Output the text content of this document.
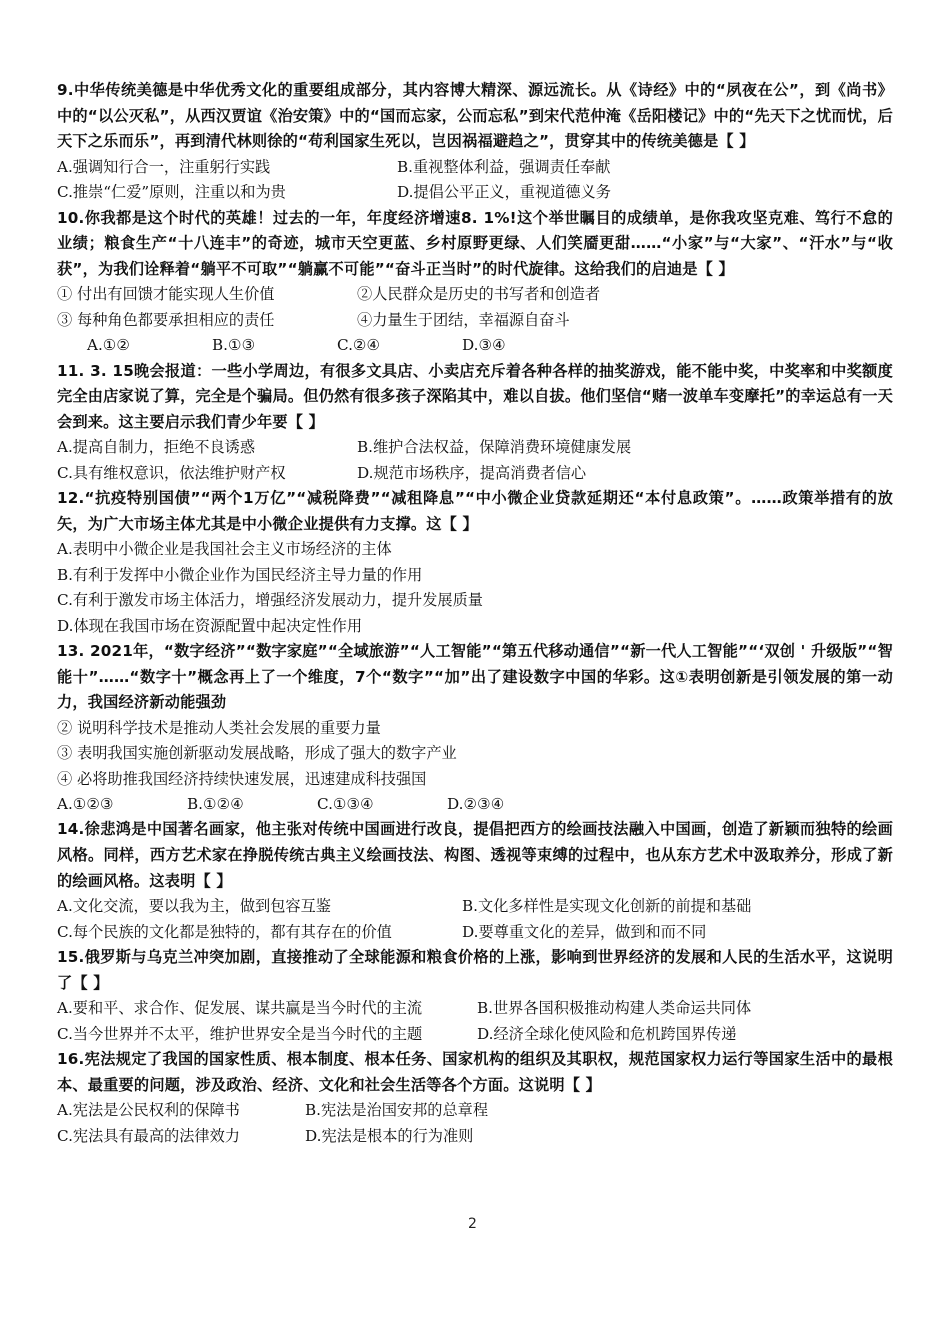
9.中华传统美德是中华优秀文化的重要组成部分，其内容博大精深、源远流长。从《诗经》中的“夙夜在公”，到《尚书》中的“以公灭私”，从西汉贾谊《治安策》中的“国而忘家，公而忘私”到宋代范仲淹《岳阳楼记》中的“先天下之忧而忧，后天下之乐而乐”，再到清代林则徐的“苟利国家生死以，岂因祸福避趋之”，贯穿其中的传统美德是【 】

A.强调知行合一，注重躬行实践	B.重视整体利益，强调责任奉献
C.推崇“仁爱”原则，注重以和为贵	D.提倡公平正义，重视道德义务

10.你我都是这个时代的英雄！过去的一年，年度经济增速8. 1%!这个举世瞩目的成绩单，是你我攻坚克难、笃行不怠的业绩；粮食生产“十八连丰”的奇迹，城市天空更蓝、乡村原野更绿、人们笑靥更甜……“小家”与“大家”、“汗水”与“收获”，为我们诠释着“躺平不可取”“躺赢不可能”“奋斗正当时”的时代旋律。这给我们的启迪是【 】

① 付出有回馈才能实现人生价值	②人民群众是历史的书写者和创造者
③ 每种角色都要承担相应的责任	④力量生于团结，幸福源自奋斗
A.①②	B.①③	C.②④	D.③④

11. 3. 15晚会报道：一些小学周边，有很多文具店、小卖店充斥着各种各样的抽奖游戏，能不能中奖，中奖率和中奖额度完全由店家说了算，完全是个骗局。但仍然有很多孩子深陷其中，难以自拔。他们坚信“赌一波单车变摩托”的幸运总有一天会到来。这主要启示我们青少年要【 】

A.提高自制力，拒绝不良诱惑	B.维护合法权益，保障消费环境健康发展
C.具有维权意识，依法维护财产权	D.规范市场秩序，提高消费者信心

12.“抗疫特别国债”“两个1万亿”“减税降费”“减租降息”“中小微企业贷款延期还“本付息政策”。……政策举措有的放矢，为广大市场主体尤其是中小微企业提供有力支撑。这【 】

A.表明中小微企业是我国社会主义市场经济的主体

B.有利于发挥中小微企业作为国民经济主导力量的作用

C.有利于激发市场主体活力，增强经济发展动力，提升发展质量

D.体现在我国市场在资源配置中起决定性作用

13. 2021年，“数字经济”“数字家庭”“全域旅游”“人工智能”“第五代移动通信”“新一代人工智能”“‘双创 ' 升级版”“智能十”……“数字十”概念再上了一个维度，7个“数字”“加”出了建设数字中国的华彩。这①表明创新是引领发展的第一动力，我国经济新动能强劲

② 说明科学技术是推动人类社会发展的重要力量

③ 表明我国实施创新驱动发展战略，形成了强大的数字产业

④ 必将助推我国经济持续快速发展，迅速建成科技强国

A.①②③	B.①②④	C.①③④	D.②③④

14.徐悲鸿是中国著名画家，他主张对传统中国画进行改良，提倡把西方的绘画技法融入中国画，创造了新颖而独特的绘画风格。同样，西方艺术家在挣脱传统古典主义绘画技法、构图、透视等束缚的过程中，也从东方艺术中汲取养分，形成了新的绘画风格。这表明【 】

A.文化交流，要以我为主，做到包容互鉴	B.文化多样性是实现文化创新的前提和基础
C.每个民族的文化都是独特的，都有其存在的价值	D.要尊重文化的差异，做到和而不同

15.俄罗斯与乌克兰冲突加剧，直接推动了全球能源和粮食价格的上涨，影响到世界经济的发展和人民的生活水平，这说明了【 】

A.要和平、求合作、促发展、谋共赢是当今时代的主流	B.世界各国积极推动构建人类命运共同体
C.当今世界并不太平，维护世界安全是当今时代的主题	D.经济全球化使风险和危机跨国界传递

16.宪法规定了我国的国家性质、根本制度、根本任务、国家机构的组织及其职权，规范国家权力运行等国家生活中的最根本、最重要的问题，涉及政治、经济、文化和社会生活等各个方面。这说明【 】

A.宪法是公民权利的保障书	B.宪法是治国安邦的总章程
C.宪法具有最高的法律效力	D.宪法是根本的行为准则
2
